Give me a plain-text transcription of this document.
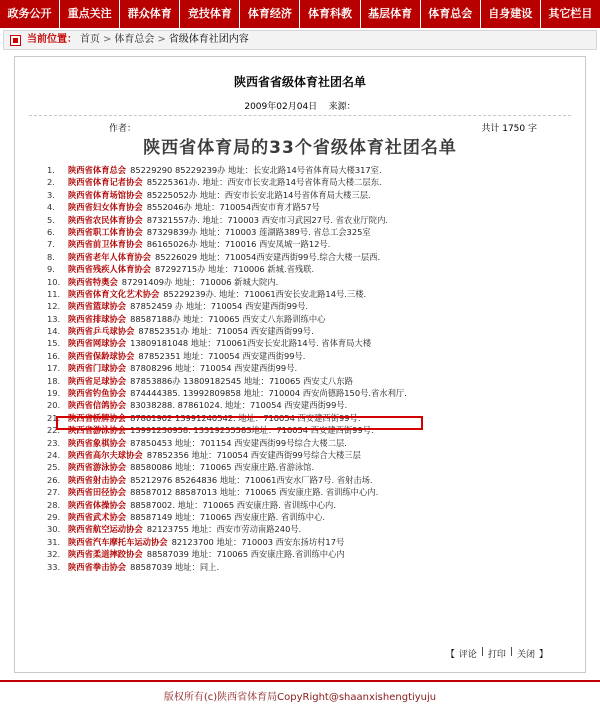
政务公开	重点关注	群众体育	竞技体育	体育经济	体育科教	基层体育	体育总会	自身建设	其它栏目
当前位置： 首页 > 体育总会 > 省级体育社团内容
陕西省省级体育社团名单
2009年02月04日 来源：
作者：	共计 1750 字
陕西省体育局的33个省级体育社团名单
1.	陕西省体育总会 85229290 85229239办 地址：长安北路14号省体育局大楼317室.
2.	陕西省体育记者协会 85225361办. 地址：西安市长安北路14号省体育局大楼二层东.
3.	陕西省体育场馆协会 85225052办 地址：西安市长安北路14号省体育局大楼三层.
4.	陕西省妇女体育协会 8552046办 地址：710054西安市育才路57号
5.	陕西省农民体育协会 87321557办. 地址：710003 西安市习武园27号. 省农业厅院内.
6.	陕西省职工体育协会 87329839办 地址：710003 莲湖路389号. 省总工会325室
7.	陕西省前卫体育协会 86165026办 地址：710016 西安凤城一路12号.
8.	陕西省老年人体育协会 85226029 地址：710054西安建西街99号.综合大楼一层西.
9.	陕西省残疾人体育协会 87292715办 地址：710006 新城.省残联.
10. 陕西省特奥会 87291409办 地址：710006 新城大院内.
11. 陕西省体育文化艺术协会 85229239办. 地址：710061西安长安北路14号.三楼.
12. 陕西省篮球协会 87852459 办 地址：710054 西安建西街99号.
13. 陕西省排球协会 88587188办 地址：710065 西安丈八东路训练中心
14. 陕西省乒乓球协会 87852351办 地址：710054 西安建西街99号.
15. 陕西省网球协会 13809181048 地址：710061西安长安北路14号. 省体育局大楼
16. 陕西省保龄球协会 87852351 地址：710054 西安建西街99号.
17. 陕西省门球协会 87808296 地址：710054 西安建西街99号.
18. 陕西省足球协会 87853886办 13809182545 地址：710065 西安丈八东路
19. 陕西省钓鱼协会 874444385. 13992809858 地址：710004 西安尚德路150号.省水利厅.
20. 陕西省信鸽协会 83038288. 87861024. 地址：710054 西安建西街99号.
21. 陕西省桥牌协会 87861902 13991240542. 地址：710054 西安建西街99号.
22. 陕西省游泳协会 13991236958. 13319255583地址：710054 西安建西街99号.
23. 陕西省象棋协会 87850453 地址：701154 西安建西街99号综合大楼二层.
24. 陕西省高尔夫球协会 87852356 地址：710054 西安建西街99号综合大楼三层
25. 陕西省游泳协会 88580086 地址：710065 西安康庄路.省游泳馆.
26. 陕西省射击协会 85212976 85264836 地址：710061西安水厂路7号. 省射击场.
27. 陕西省田径协会 88587012 88587013 地址：710065 西安康庄路. 省训练中心内.
28. 陕西省体操协会 88587002. 地址：710065 西安康庄路. 省训练中心内.
29. 陕西省武术协会 88587149 地址：710065 西安康庄路. 省训练中心.
30. 陕西省航空运动协会 82123755 地址：西安市劳动南路240号.
31. 陕西省汽车摩托车运动协会 82123700 地址：710003 西安东扬坊村17号
32. 陕西省柔道摔跤协会 88587039 地址：710065 西安康庄路.省训练中心内
33. 陕西省拳击协会 88587039 地址：同上.
【 评论 | 打印 | 关闭 】
版权所有(c)陕西省体育局CopyRight@shaanxishengtiyuju
